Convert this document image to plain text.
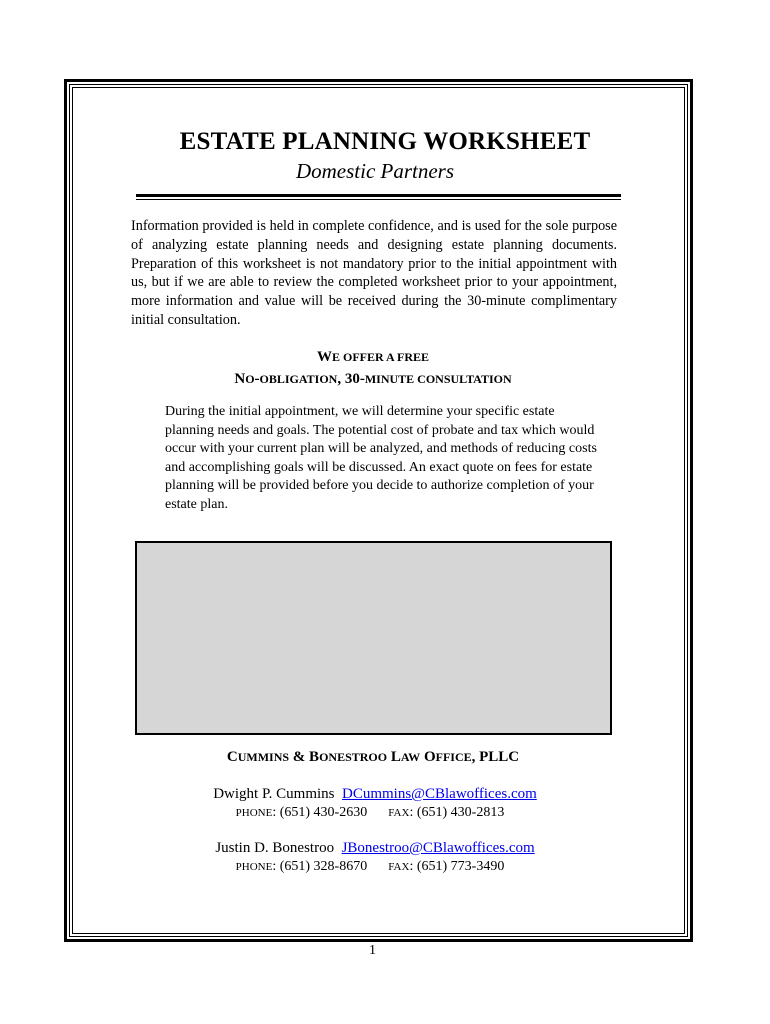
ESTATE PLANNING WORKSHEET
Domestic Partners

Information provided is held in complete confidence, and is used for the sole purpose of analyzing estate planning needs and designing estate planning documents. Preparation of this worksheet is not mandatory prior to the initial appointment with us, but if we are able to review the completed worksheet prior to your appointment, more information and value will be received during the 30-minute complimentary initial consultation.

WE OFFER A FREE
NO-OBLIGATION, 30-MINUTE CONSULTATION

During the initial appointment, we will determine your specific estate planning needs and goals. The potential cost of probate and tax which would occur with your current plan will be analyzed, and methods of reducing costs and accomplishing goals will be discussed. An exact quote on fees for estate planning will be provided before you decide to authorize completion of your estate plan.

CUMMINS & BONESTROO LAW OFFICE, PLLC
Dwight P. Cummins DCummins@CBlawoffices.com
PHONE: (651) 430-2630 FAX: (651) 430-2813
Justin D. Bonestroo JBonestroo@CBlawoffices.com
PHONE: (651) 328-8670 FAX: (651) 773-3490
1
